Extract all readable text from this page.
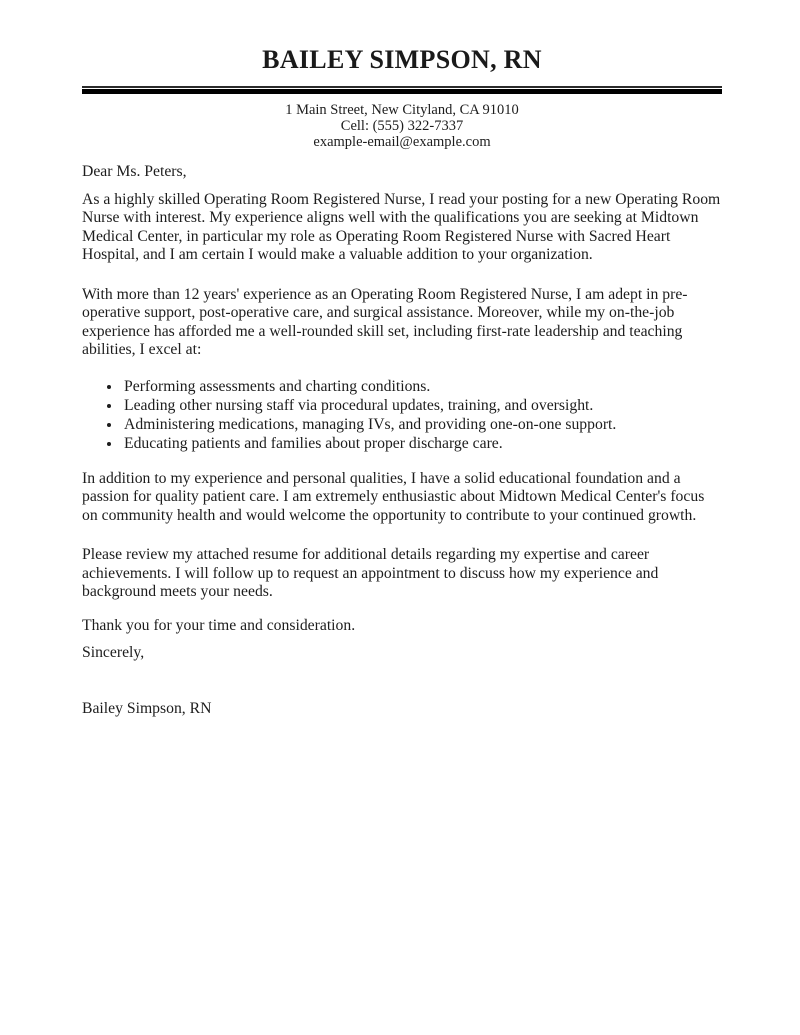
BAILEY SIMPSON, RN

1 Main Street, New Cityland, CA 91010

Cell: (555) 322-7337

example-email@example.com

Dear Ms. Peters,

As a highly skilled Operating Room Registered Nurse, I read your posting for a new Operating Room Nurse with interest. My experience aligns well with the qualifications you are seeking at Midtown Medical Center, in particular my role as Operating Room Registered Nurse with Sacred Heart Hospital, and I am certain I would make a valuable addition to your organization.

With more than 12 years' experience as an Operating Room Registered Nurse, I am adept in pre-operative support, post-operative care, and surgical assistance. Moreover, while my on-the-job experience has afforded me a well-rounded skill set, including first-rate leadership and teaching abilities, I excel at:

• Performing assessments and charting conditions.
• Leading other nursing staff via procedural updates, training, and oversight.
• Administering medications, managing IVs, and providing one-on-one support.
• Educating patients and families about proper discharge care.

In addition to my experience and personal qualities, I have a solid educational foundation and a passion for quality patient care. I am extremely enthusiastic about Midtown Medical Center's focus on community health and would welcome the opportunity to contribute to your continued growth.

Please review my attached resume for additional details regarding my expertise and career achievements. I will follow up to request an appointment to discuss how my experience and background meets your needs.

Thank you for your time and consideration.

Sincerely,

Bailey Simpson, RN
